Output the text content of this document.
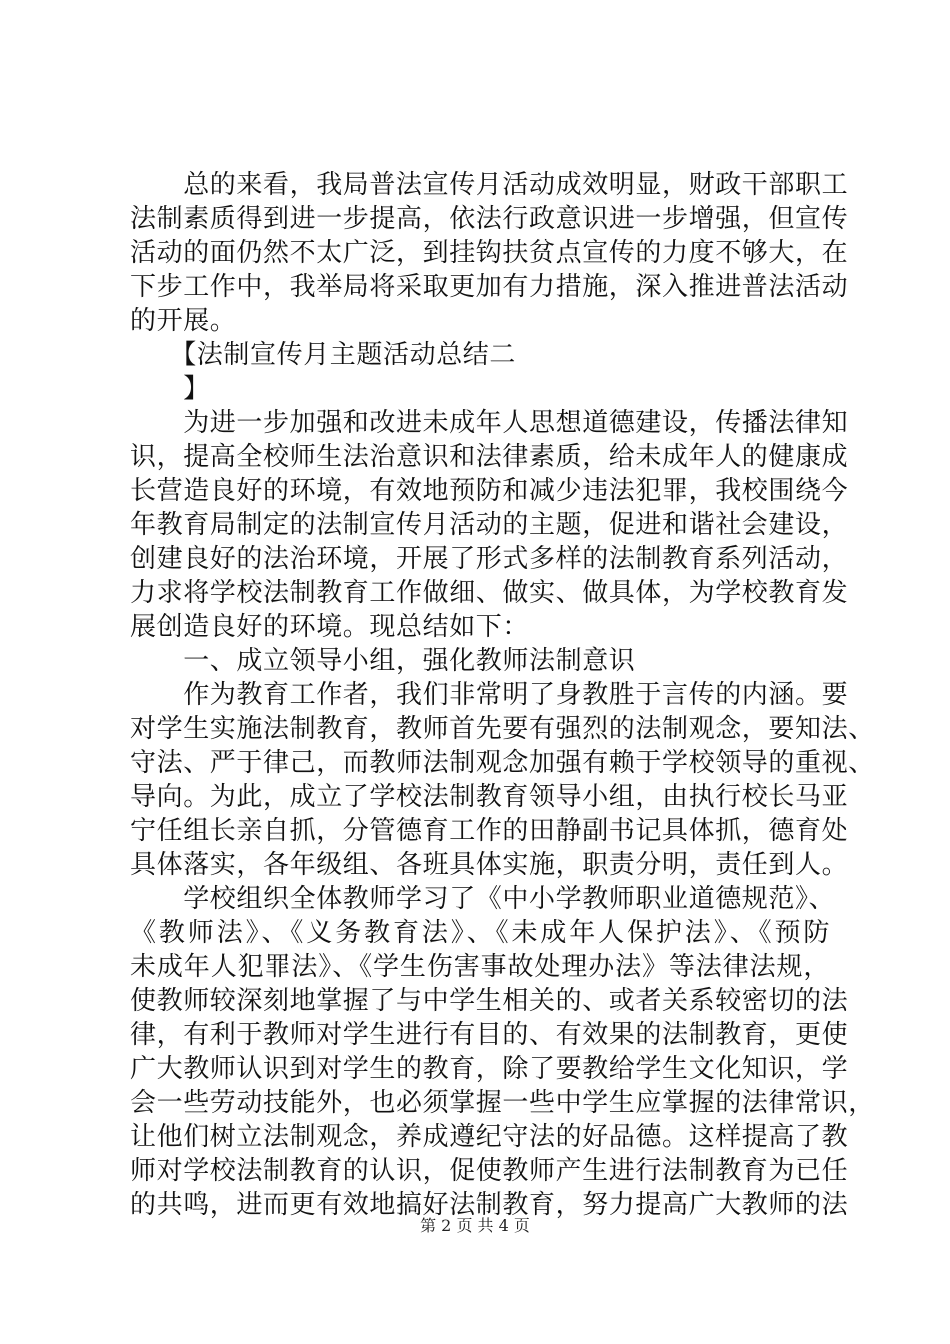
　　总的来看，我局普法宣传月活动成效明显，财政干部职工
法制素质得到进一步提高，依法行政意识进一步增强，但宣传
活动的面仍然不太广泛，到挂钩扶贫点宣传的力度不够大，在
下步工作中，我举局将采取更加有力措施，深入推进普法活动
的开展。
　　【法制宣传月主题活动总结二
　　】
　　为进一步加强和改进未成年人思想道德建设，传播法律知
识，提高全校师生法治意识和法律素质，给未成年人的健康成
长营造良好的环境，有效地预防和减少违法犯罪，我校围绕今
年教育局制定的法制宣传月活动的主题，促进和谐社会建设，
创建良好的法治环境，开展了形式多样的法制教育系列活动，
力求将学校法制教育工作做细、做实、做具体，为学校教育发
展创造良好的环境。现总结如下：
　　一、成立领导小组，强化教师法制意识
　　作为教育工作者，我们非常明了身教胜于言传的内涵。要
对学生实施法制教育，教师首先要有强烈的法制观念，要知法、
守法、严于律己，而教师法制观念加强有赖于学校领导的重视、
导向。为此，成立了学校法制教育领导小组，由执行校长马亚
宁任组长亲自抓，分管德育工作的田静副书记具体抓，德育处
具体落实，各年级组、各班具体实施，职责分明，责任到人。
　　学校组织全体教师学习了《中小学教师职业道德规范》、
《教师法》、《义务教育法》、《未成年人保护法》、《预防
未成年人犯罪法》、《学生伤害事故处理办法》等法律法规，
使教师较深刻地掌握了与中学生相关的、或者关系较密切的法
律，有利于教师对学生进行有目的、有效果的法制教育，更使
广大教师认识到对学生的教育，除了要教给学生文化知识，学
会一些劳动技能外，也必须掌握一些中学生应掌握的法律常识，
让他们树立法制观念，养成遵纪守法的好品德。这样提高了教
师对学校法制教育的认识，促使教师产生进行法制教育为已任
的共鸣，进而更有效地搞好法制教育，努力提高广大教师的法
第 2 页 共 4 页
